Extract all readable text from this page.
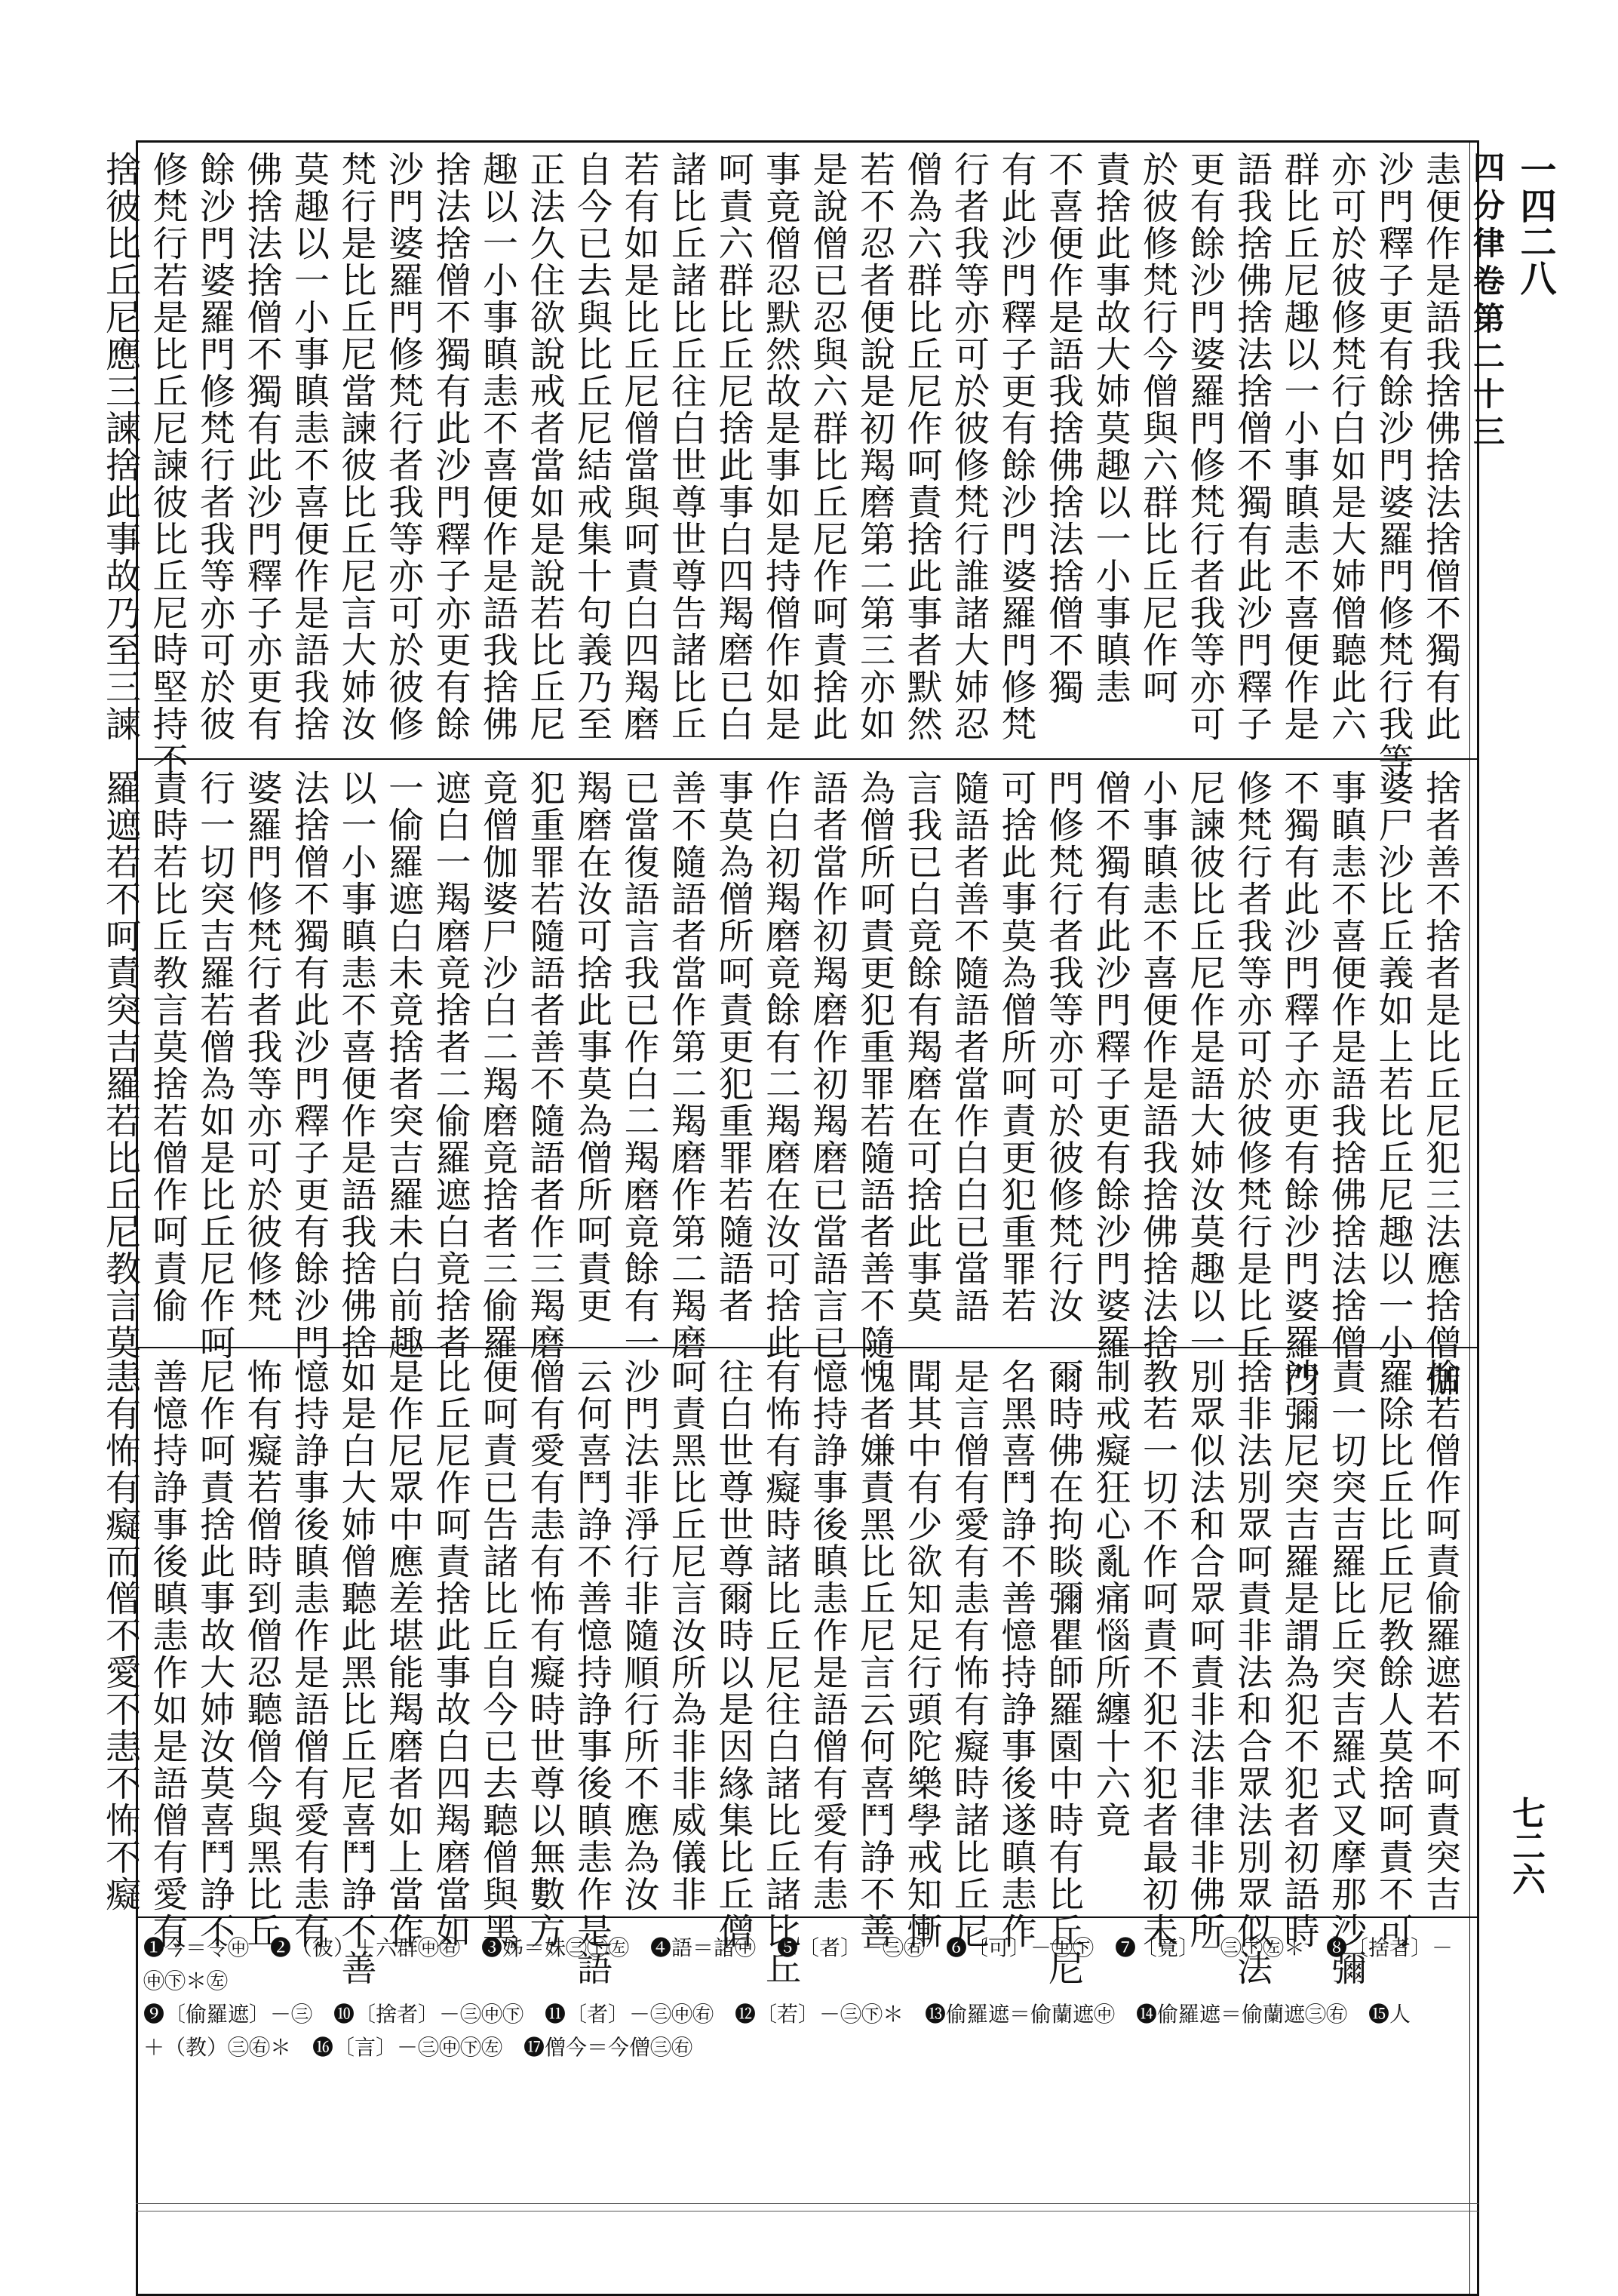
一四二八
四分律卷第二十三
七二六
恚便作是語我捨佛捨法捨僧不獨有此
沙門釋子更有餘沙門婆羅門修梵行我等
亦可於彼修梵行白如是大姉僧聽此六
群比丘尼趣以一小事瞋恚不喜便作是
語我捨佛捨法捨僧不獨有此沙門釋子
更有餘沙門婆羅門修梵行者我等亦可
於彼修梵行今僧與六群比丘尼作呵
責捨此事故大姉莫趣以一小事瞋恚
不喜便作是語我捨佛捨法捨僧不獨
有此沙門釋子更有餘沙門婆羅門修梵
行者我等亦可於彼修梵行誰諸大姉忍
僧為六群比丘尼作呵責捨此事者默然
若不忍者便說是初羯磨第二第三亦如
是說僧已忍與六群比丘尼作呵責捨此
事竟僧忍默然故是事如是持僧作如是
呵責六群比丘尼捨此事白四羯磨已白
諸比丘諸比丘往白世尊世尊告諸比丘
若有如是比丘尼僧當與呵責白四羯磨
自今已去與比丘尼結戒集十句義乃至
正法久住欲說戒者當如是說若比丘尼
趣以一小事瞋恚不喜便作是語我捨佛
捨法捨僧不獨有此沙門釋子亦更有餘
沙門婆羅門修梵行者我等亦可於彼修
梵行是比丘尼當諫彼比丘尼言大姉汝
莫趣以一小事瞋恚不喜便作是語我捨
佛捨法捨僧不獨有此沙門釋子亦更有
餘沙門婆羅門修梵行者我等亦可於彼
修梵行若是比丘尼諫彼比丘尼時堅持不
捨彼比丘尼應三諫捨此事故乃至三諫
捨者善不捨者是比丘尼犯三法應捨僧伽
婆尸沙比丘義如上若比丘尼趣以一小
事瞋恚不喜便作是語我捨佛捨法捨僧
不獨有此沙門釋子亦更有餘沙門婆羅門
修梵行者我等亦可於彼修梵行是比丘
尼諫彼比丘尼作是語大姉汝莫趣以一
小事瞋恚不喜便作是語我捨佛捨法捨
僧不獨有此沙門釋子更有餘沙門婆羅
門修梵行者我等亦可於彼修梵行汝
可捨此事莫為僧所呵責更犯重罪若
隨語者善不隨語者當作白白已當語
言我已白竟餘有羯磨在可捨此事莫
為僧所呵責更犯重罪若隨語者善不隨
語者當作初羯磨作初羯磨已當語言已
作白初羯磨竟餘有二羯磨在汝可捨此
事莫為僧所呵責更犯重罪若隨語者
善不隨語者當作第二羯磨作第二羯磨
已當復語言我已作白二羯磨竟餘有一
羯磨在汝可捨此事莫為僧所呵責更
犯重罪若隨語者善不隨語者作三羯磨
竟僧伽婆尸沙白二羯磨竟捨者三偷羅
遮白一羯磨竟捨者二偷羅遮白竟捨者
一偷羅遮白未竟捨者突吉羅未白前趣
以一小事瞋恚不喜便作是語我捨佛捨
法捨僧不獨有此沙門釋子更有餘沙門
婆羅門修梵行者我等亦可於彼修梵
行一切突吉羅若僧為如是比丘尼作呵
責時若比丘教言莫捨若僧作呵責偷
羅遮若不呵責突吉羅若比丘尼教言莫
捨若僧作呵責偷羅遮若不呵責突吉
羅除比丘比丘尼教餘人莫捨呵責不可
責一切突吉羅比丘突吉羅式叉摩那沙彌
沙彌尼突吉羅是謂為犯不犯者初語時
捨非法別眾呵責非法和合眾法別眾似法
別眾似法和合眾呵責非法非律非佛所
教若一切不作呵責不犯不犯者最初未
制戒癡狂心亂痛惱所纏十六竟
爾時佛在拘睒彌瞿師羅園中時有比丘尼
名黑喜鬥諍不善憶持諍事後遂瞋恚作
是言僧有愛有恚有怖有癡時諸比丘尼
聞其中有少欲知足行頭陀樂學戒知慚
愧者嫌責黑比丘尼言云何喜鬥諍不善
憶持諍事後瞋恚作是語僧有愛有恚
有怖有癡時諸比丘尼往白諸比丘諸比丘
往白世尊世尊爾時以是因緣集比丘僧
呵責黑比丘尼言汝所為非非威儀非
沙門法非淨行非隨順行所不應為汝
云何喜鬥諍不善憶持諍事後瞋恚作是語
僧有愛有恚有怖有癡時世尊以無數方
便呵責已告諸比丘自今已去聽僧與黑
比丘尼作呵責捨此事故白四羯磨當如
是作尼眾中應差堪能羯磨者如上當作
如是白大姉僧聽此黑比丘尼喜鬥諍不善
憶持諍事後瞋恚作是語僧有愛有恚有
怖有癡若僧時到僧忍聽僧今與黑比丘
尼作呵責捨此事故大姉汝莫喜鬥諍不
善憶持諍事後瞋恚作如是語僧有愛有
恚有怖有癡而僧不愛不恚不怖不癡
❶今＝令㊥　❷（彼）＋六群㊥㊨　❸姊＝妹㊂㊦㊧　❹語＝諸㊥　❺〔者〕－㊂㊨　❻〔可〕－㊥㊦　❼〔竟〕－㊂㊦㊧＊　❽〔捨者〕－㊥㊦＊㊧
❾〔偷羅遮〕－㊂　❿〔捨者〕－㊂㊥㊦　⓫〔者〕－㊂㊥㊨　⓬〔若〕－㊂㊦＊　⓭偷羅遮＝偷蘭遮㊥　⓮偷羅遮＝偷蘭遮㊂㊨　⓯人
＋（教）㊂㊨＊　⓰〔言〕－㊂㊥㊦㊧　⓱僧今＝今僧㊂㊨
